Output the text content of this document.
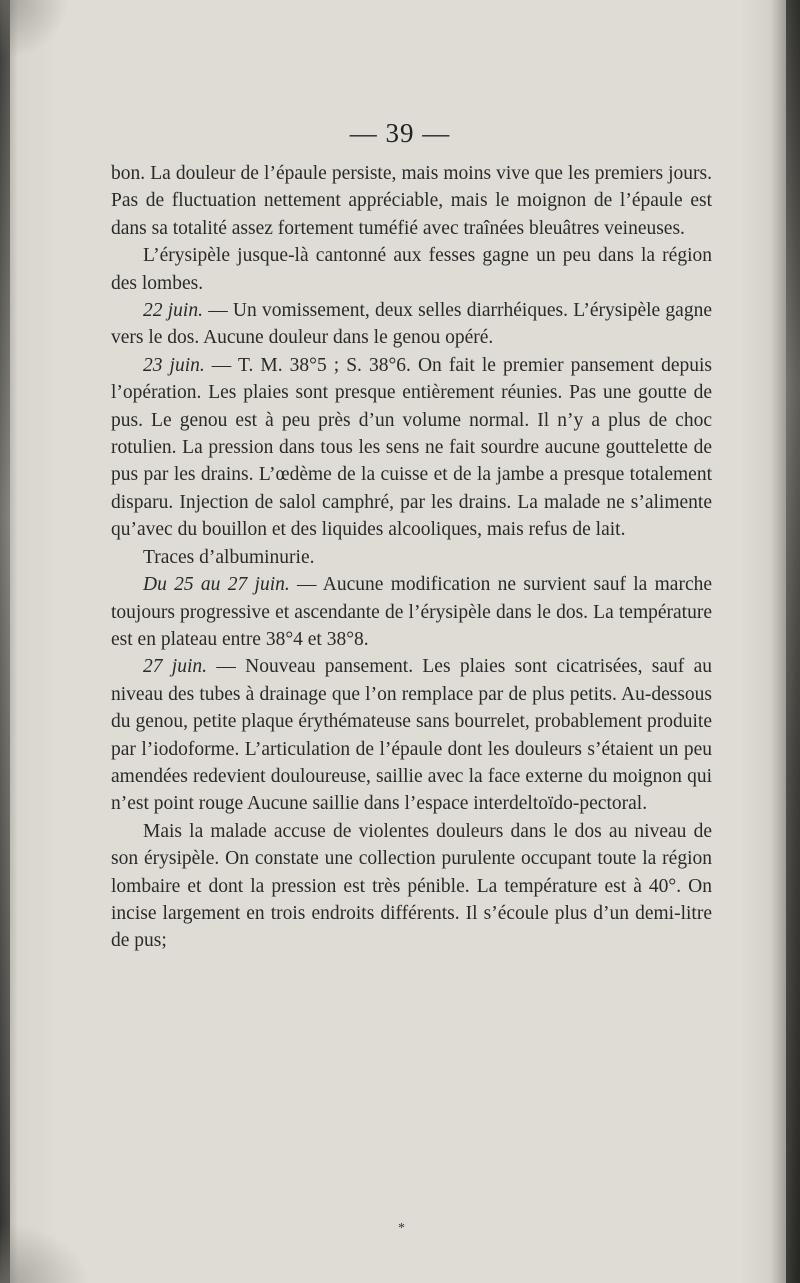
— 39 —

bon. La douleur de l’épaule persiste, mais moins vive que les premiers jours. Pas de fluctuation nettement appréciable, mais le moignon de l’épaule est dans sa totalité assez fortement tuméfié avec traînées bleuâtres veineuses.

L’érysipèle jusque-là cantonné aux fesses gagne un peu dans la région des lombes.

22 juin. — Un vomissement, deux selles diarrhéiques. L’érysipèle gagne vers le dos. Aucune douleur dans le genou opéré.

23 juin. — T. M. 38°5 ; S. 38°6. On fait le premier pansement depuis l’opération. Les plaies sont presque entièrement réunies. Pas une goutte de pus. Le genou est à peu près d’un volume normal. Il n’y a plus de choc rotulien. La pression dans tous les sens ne fait sourdre aucune gouttelette de pus par les drains. L’œdème de la cuisse et de la jambe a presque totalement disparu. Injection de salol camphré, par les drains. La malade ne s’alimente qu’avec du bouillon et des liquides alcooliques, mais refus de lait.

Traces d’albuminurie.

Du 25 au 27 juin. — Aucune modification ne survient sauf la marche toujours progressive et ascendante de l’érysipèle dans le dos. La température est en plateau entre 38°4 et 38°8.

27 juin. — Nouveau pansement. Les plaies sont cicatrisées, sauf au niveau des tubes à drainage que l’on remplace par de plus petits. Au-dessous du genou, petite plaque érythémateuse sans bourrelet, probablement produite par l’iodoforme. L’articulation de l’épaule dont les douleurs s’étaient un peu amendées redevient douloureuse, saillie avec la face externe du moignon qui n’est point rouge Aucune saillie dans l’espace interdeltoïdo-pectoral.

Mais la malade accuse de violentes douleurs dans le dos au niveau de son érysipèle. On constate une collection purulente occupant toute la région lombaire et dont la pression est très pénible. La température est à 40°. On incise largement en trois endroits différents. Il s’écoule plus d’un demi-litre de pus;

*
